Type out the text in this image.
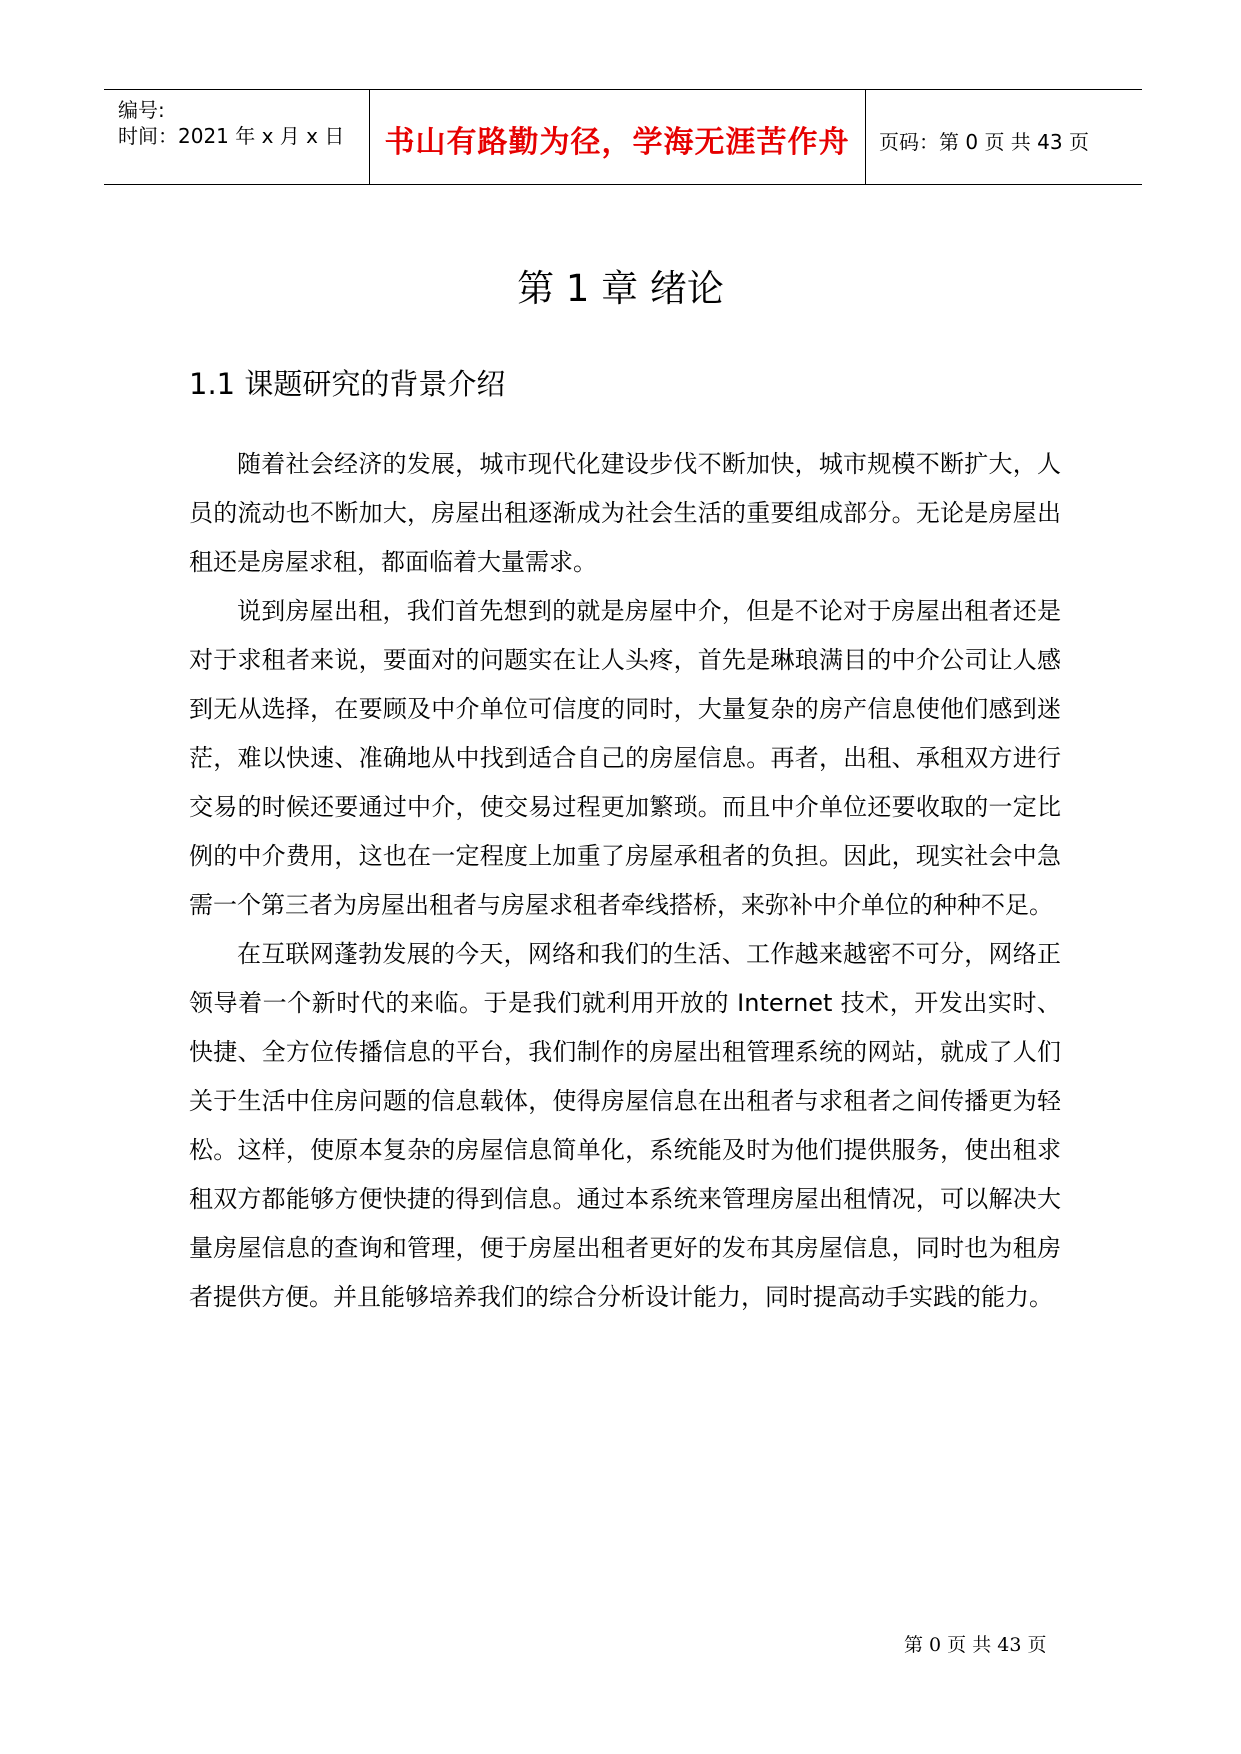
编号:
时间：2021 年 x 月 x 日	书山有路勤为径，学海无涯苦作舟	页码：第 0 页 共 43 页
第 1 章 绪论
1.1 课题研究的背景介绍

随着社会经济的发展，城市现代化建设步伐不断加快，城市规模不断扩大，人员的流动也不断加大，房屋出租逐渐成为社会生活的重要组成部分。无论是房屋出租还是房屋求租，都面临着大量需求。

说到房屋出租，我们首先想到的就是房屋中介，但是不论对于房屋出租者还是对于求租者来说，要面对的问题实在让人头疼，首先是琳琅满目的中介公司让人感到无从选择，在要顾及中介单位可信度的同时，大量复杂的房产信息使他们感到迷茫，难以快速、准确地从中找到适合自己的房屋信息。再者，出租、承租双方进行交易的时候还要通过中介，使交易过程更加繁琐。而且中介单位还要收取的一定比例的中介费用，这也在一定程度上加重了房屋承租者的负担。因此，现实社会中急需一个第三者为房屋出租者与房屋求租者牵线搭桥，来弥补中介单位的种种不足。

在互联网蓬勃发展的今天，网络和我们的生活、工作越来越密不可分，网络正领导着一个新时代的来临。于是我们就利用开放的 Internet 技术，开发出实时、快捷、全方位传播信息的平台，我们制作的房屋出租管理系统的网站，就成了人们关于生活中住房问题的信息载体，使得房屋信息在出租者与求租者之间传播更为轻松。这样，使原本复杂的房屋信息简单化，系统能及时为他们提供服务，使出租求租双方都能够方便快捷的得到信息。通过本系统来管理房屋出租情况，可以解决大量房屋信息的查询和管理，便于房屋出租者更好的发布其房屋信息，同时也为租房者提供方便。并且能够培养我们的综合分析设计能力，同时提高动手实践的能力。

第 0 页 共 43 页
